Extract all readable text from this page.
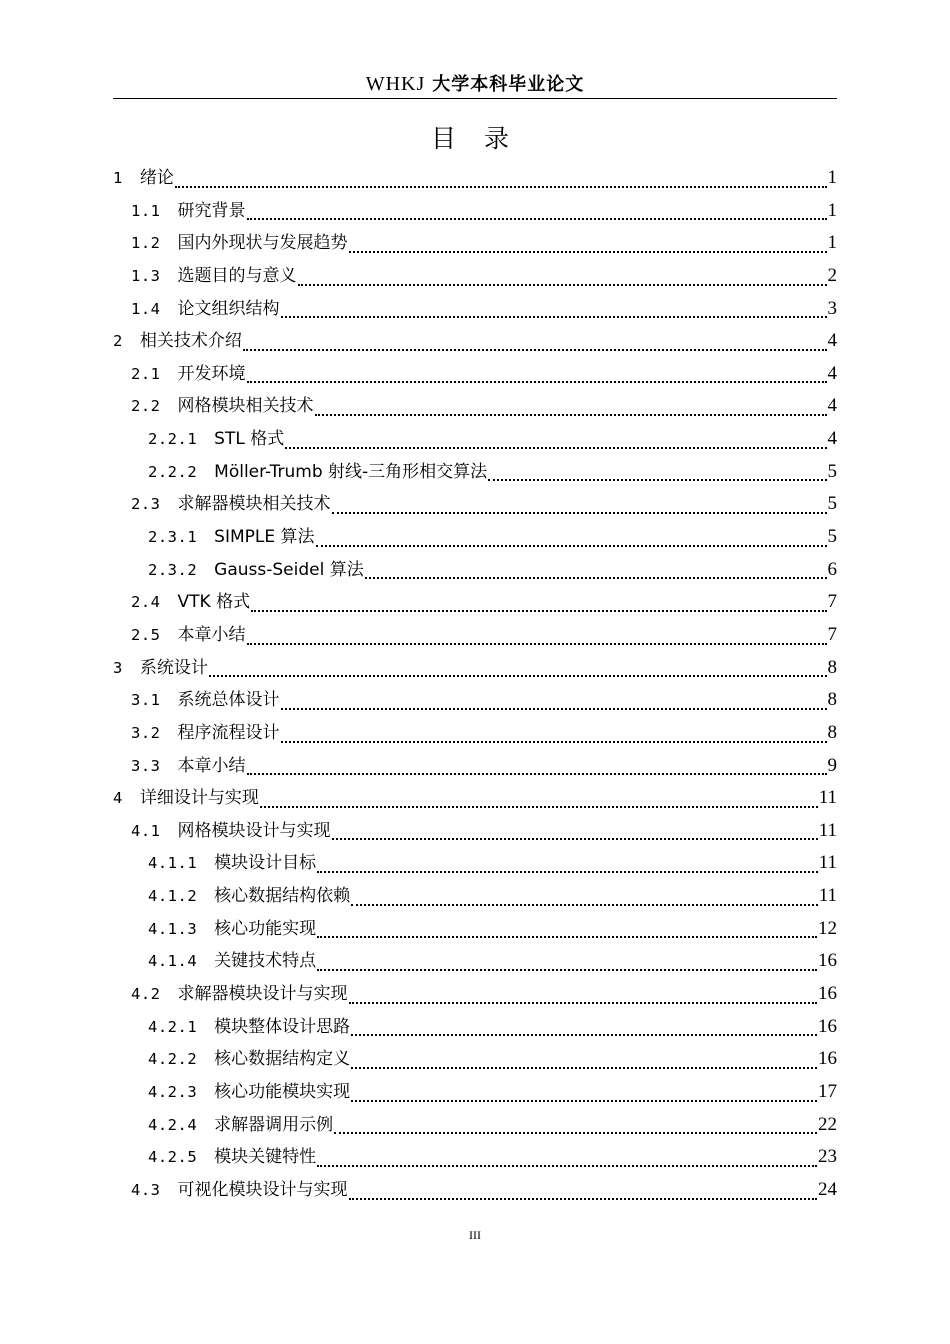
WHKJ 大学本科毕业论文
目 录
1 绪论	1
1.1 研究背景	1
1.2 国内外现状与发展趋势	1
1.3 选题目的与意义	2
1.4 论文组织结构	3
2 相关技术介绍	4
2.1 开发环境	4
2.2 网格模块相关技术	4
2.2.1 STL 格式	4
2.2.2 Möller-Trumb 射线-三角形相交算法	5
2.3 求解器模块相关技术	5
2.3.1 SIMPLE 算法	5
2.3.2 Gauss-Seidel 算法	6
2.4 VTK 格式	7
2.5 本章小结	7
3 系统设计	8
3.1 系统总体设计	8
3.2 程序流程设计	8
3.3 本章小结	9
4 详细设计与实现	11
4.1 网格模块设计与实现	11
4.1.1 模块设计目标	11
4.1.2 核心数据结构依赖	11
4.1.3 核心功能实现	12
4.1.4 关键技术特点	16
4.2 求解器模块设计与实现	16
4.2.1 模块整体设计思路	16
4.2.2 核心数据结构定义	16
4.2.3 核心功能模块实现	17
4.2.4 求解器调用示例	22
4.2.5 模块关键特性	23
4.3 可视化模块设计与实现	24
III
